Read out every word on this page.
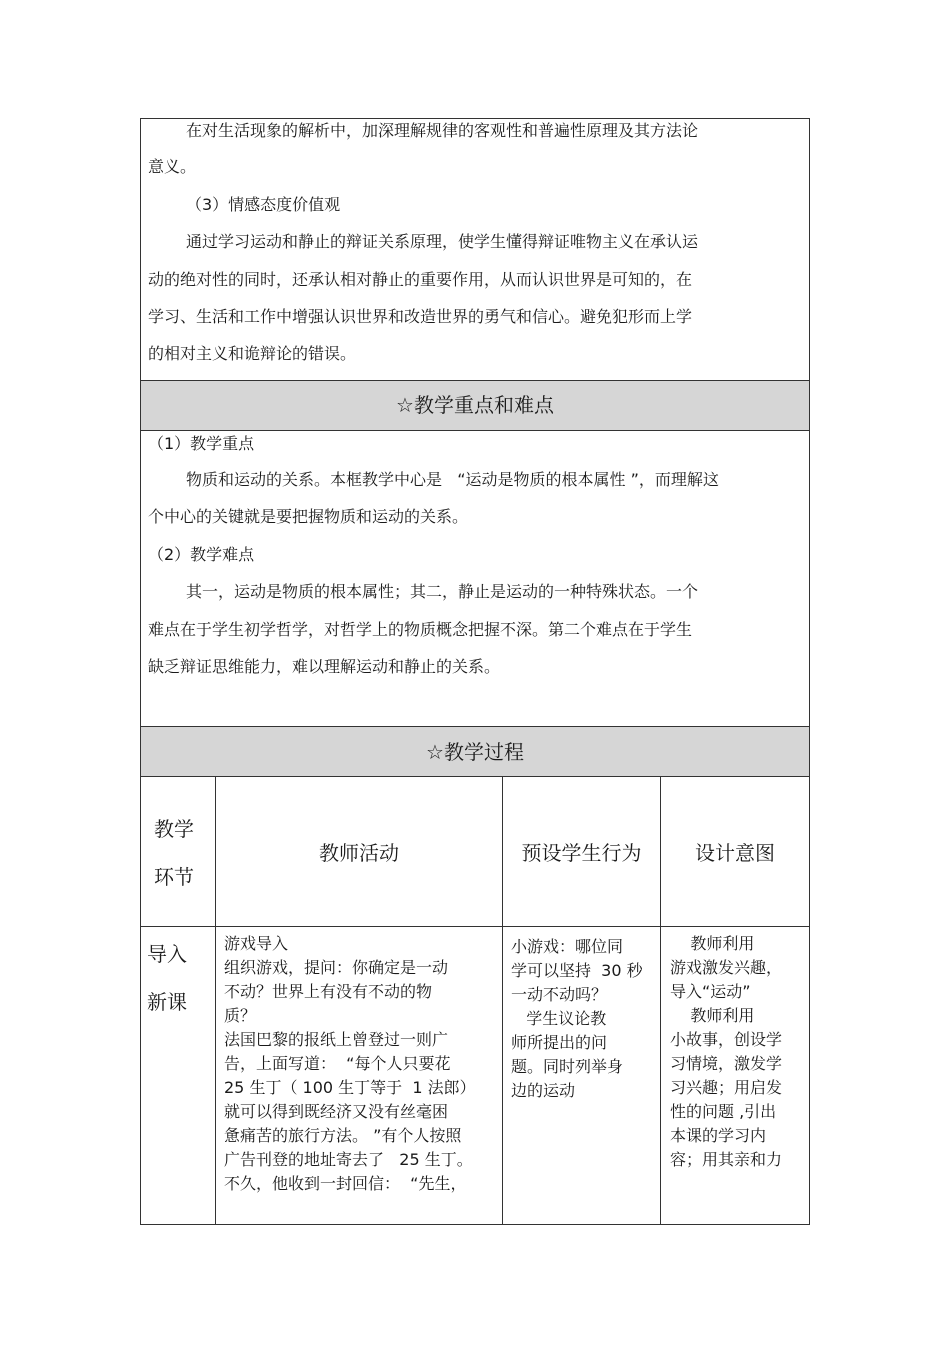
在对生活现象的解析中，加深理解规律的客观性和普遍性原理及其方法论
意义。
（3）情感态度价值观
通过学习运动和静止的辩证关系原理，使学生懂得辩证唯物主义在承认运
动的绝对性的同时，还承认相对静止的重要作用，从而认识世界是可知的，在
学习、生活和工作中增强认识世界和改造世界的勇气和信心。避免犯形而上学
的相对主义和诡辩论的错误。
☆教学重点和难点
（1）教学重点
物质和运动的关系。本框教学中心是   “运动是物质的根本属性 ”，而理解这
个中心的关键就是要把握物质和运动的关系。
（2）教学难点
其一，运动是物质的根本属性；其二，静止是运动的一种特殊状态。一个
难点在于学生初学哲学，对哲学上的物质概念把握不深。第二个难点在于学生
缺乏辩证思维能力，难以理解运动和静止的关系。
☆教学过程
教学
环节
教师活动	预设学生行为	设计意图
导入
新课
游戏导入
组织游戏，提问：你确定是一动
不动？世界上有没有不动的物
质？
法国巴黎的报纸上曾登过一则广
告，上面写道：  “每个人只要花
25 生丁（ 100 生丁等于  1 法郎）
就可以得到既经济又没有丝毫困
惫痛苦的旅行方法。 ”有个人按照
广告刊登的地址寄去了   25 生丁。
不久，他收到一封回信：  “先生，
小游戏：哪位同
学可以坚持  30 秒
一动不动吗？
学生议论教
师所提出的问
题。同时列举身
边的运动
教师利用
游戏激发兴趣，
导入“运动”
教师利用
小故事，创设学
习情境，激发学
习兴趣；用启发
性的问题 ,引出
本课的学习内
容；用其亲和力
